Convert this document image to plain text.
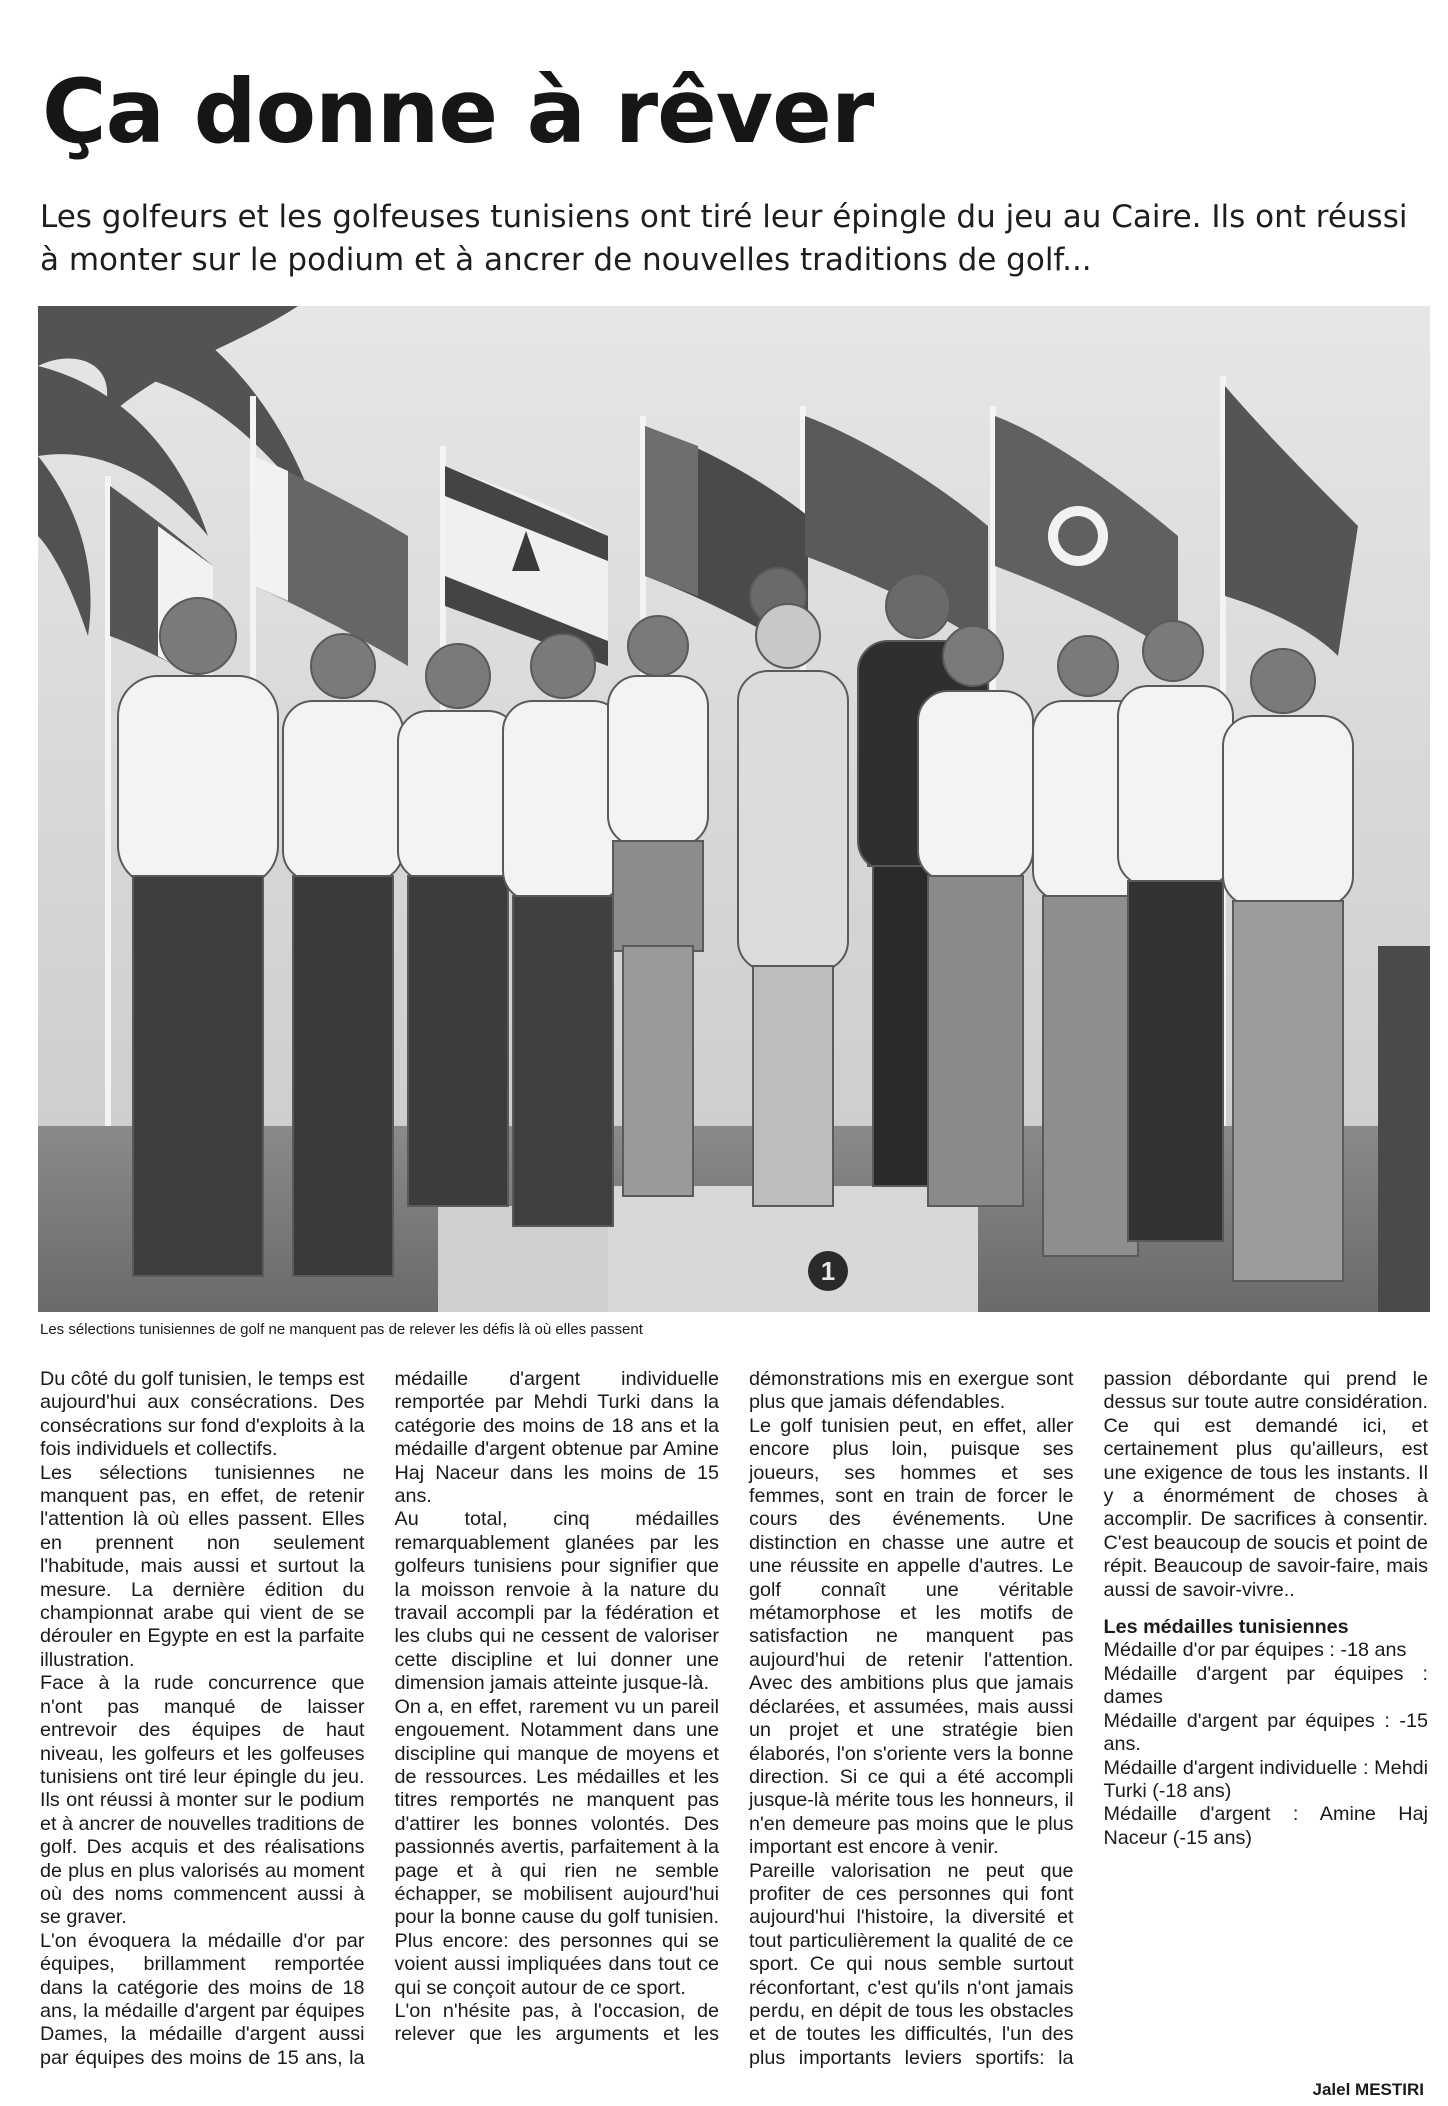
Ça donne à rêver

Les golfeurs et les golfeuses tunisiens ont tiré leur épingle du jeu au Caire. Ils ont réussi à monter sur le podium et à ancrer de nouvelles traditions de golf...

1

Les sélections tunisiennes de golf ne manquent pas de relever les défis là où elles passent

Du côté du golf tunisien, le temps est aujourd'hui aux consécrations. Des consécrations sur fond d'exploits à la fois individuels et collectifs.

Les sélections tunisiennes ne manquent pas, en effet, de retenir l'attention là où elles passent. Elles en prennent non seulement l'habitude, mais aussi et surtout la mesure. La dernière édition du championnat arabe qui vient de se dérouler en Egypte en est la parfaite illustration.

Face à la rude concurrence que n'ont pas manqué de laisser entrevoir des équipes de haut niveau, les golfeurs et les golfeuses tunisiens ont tiré leur épingle du jeu. Ils ont réussi à monter sur le podium et à ancrer de nouvelles traditions de golf. Des acquis et des réalisations de plus en plus valorisés au moment où des noms commencent aussi à se graver.

L'on évoquera la médaille d'or par équipes, brillamment remportée dans la catégorie des moins de 18 ans, la médaille d'argent par équipes Dames, la médaille d'argent aussi par équipes des moins de 15 ans, la médaille d'argent individuelle remportée par Mehdi Turki dans la catégorie des moins de 18 ans et la médaille d'argent obtenue par Amine Haj Naceur dans les moins de 15 ans.

Au total, cinq médailles remarquablement glanées par les golfeurs tunisiens pour signifier que la moisson renvoie à la nature du travail accompli par la fédération et les clubs qui ne cessent de valoriser cette discipline et lui donner une dimension jamais atteinte jusque-là.

On a, en effet, rarement vu un pareil engouement. Notamment dans une discipline qui manque de moyens et de ressources. Les médailles et les titres remportés ne manquent pas d'attirer les bonnes volontés. Des passionnés avertis, parfaitement à la page et à qui rien ne semble échapper, se mobilisent aujourd'hui pour la bonne cause du golf tunisien. Plus encore: des personnes qui se voient aussi impliquées dans tout ce qui se conçoit autour de ce sport.

L'on n'hésite pas, à l'occasion, de relever que les arguments et les démonstrations mis en exergue sont plus que jamais défendables.

Le golf tunisien peut, en effet, aller encore plus loin, puisque ses joueurs, ses hommes et ses femmes, sont en train de forcer le cours des événements. Une distinction en chasse une autre et une réussite en appelle d'autres. Le golf connaît une véritable métamorphose et les motifs de satisfaction ne manquent pas aujourd'hui de retenir l'attention. Avec des ambitions plus que jamais déclarées, et assumées, mais aussi un projet et une stratégie bien élaborés, l'on s'oriente vers la bonne direction. Si ce qui a été accompli jusque-là mérite tous les honneurs, il n'en demeure pas moins que le plus important est encore à venir.

Pareille valorisation ne peut que profiter de ces personnes qui font aujourd'hui l'histoire, la diversité et tout particulièrement la qualité de ce sport. Ce qui nous semble surtout réconfortant, c'est qu'ils n'ont jamais perdu, en dépit de tous les obstacles et de toutes les difficultés, l'un des plus importants leviers sportifs: la passion débordante qui prend le dessus sur toute autre considération. Ce qui est demandé ici, et certainement plus qu'ailleurs, est une exigence de tous les instants. Il y a énormément de choses à accomplir. De sacrifices à consentir. C'est beaucoup de soucis et point de répit. Beaucoup de savoir-faire, mais aussi de savoir-vivre..

Les médailles tunisiennes

Médaille d'or par équipes : -18 ans

Médaille d'argent par équipes : dames

Médaille d'argent par équipes : -15 ans.

Médaille d'argent individuelle : Mehdi Turki (-18 ans)

Médaille d'argent : Amine Haj Naceur (-15 ans)

Jalel MESTIRI
